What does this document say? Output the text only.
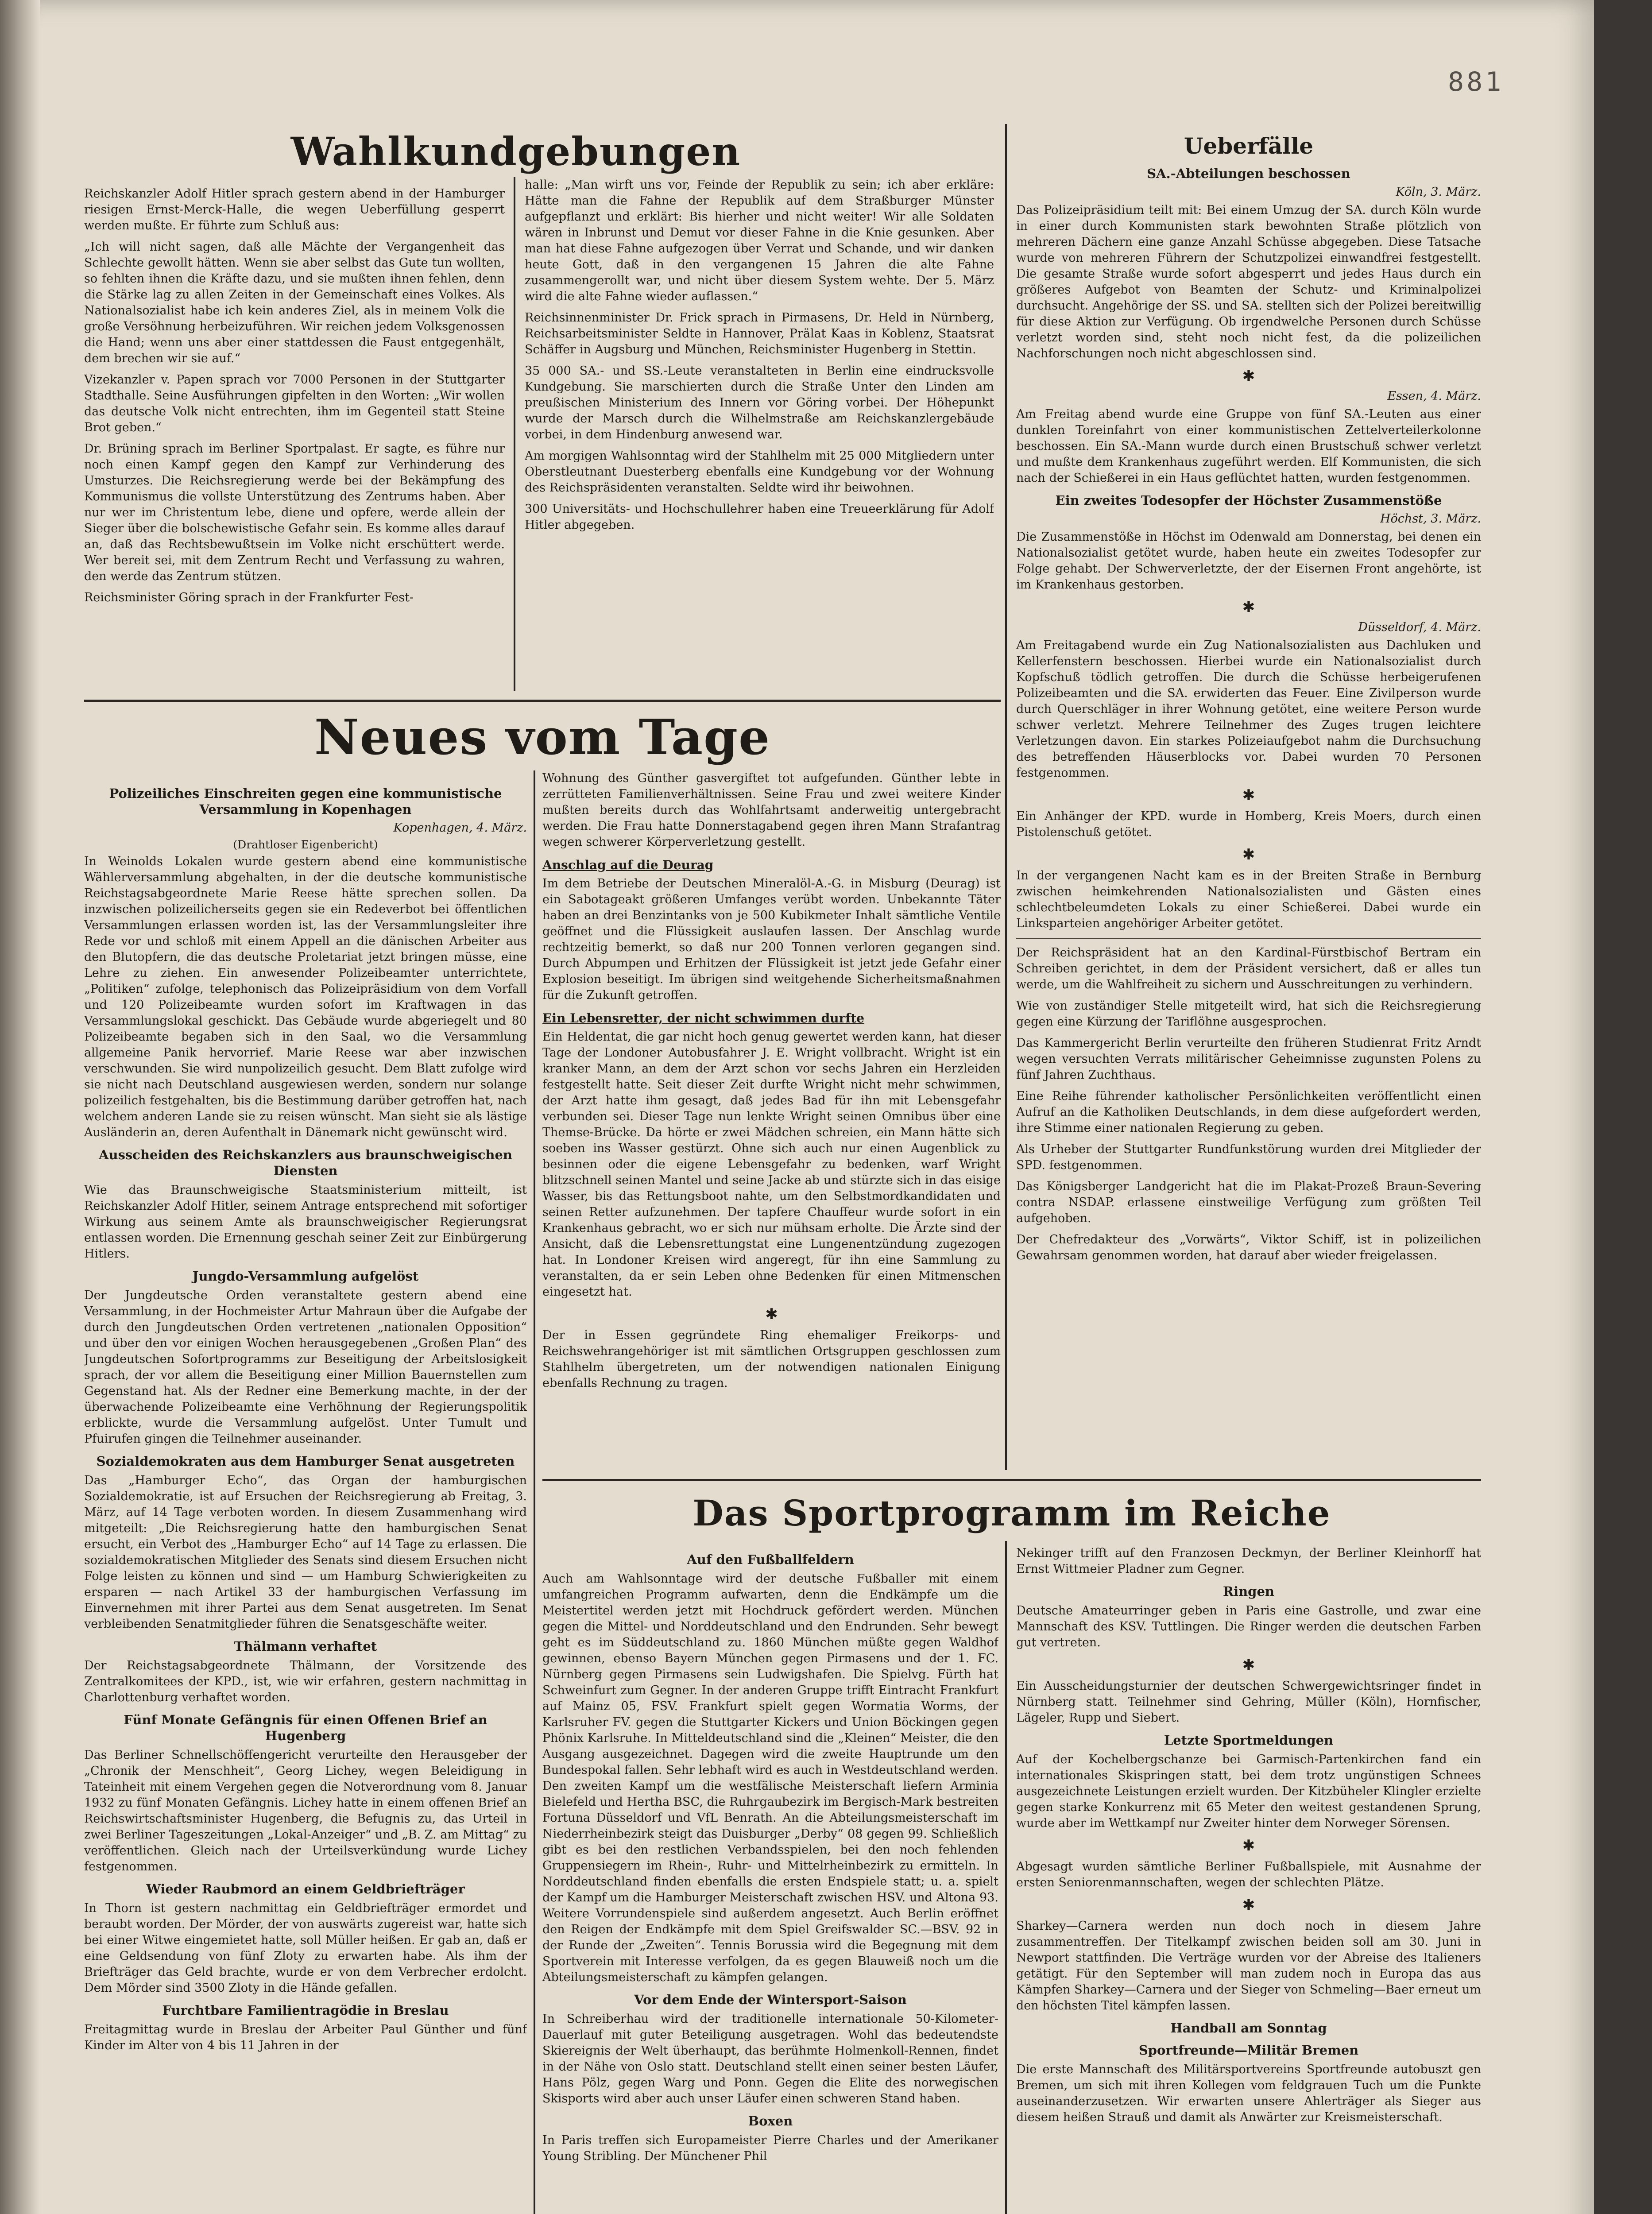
881
Wahlkundgebungen

Reichskanzler Adolf Hitler sprach gestern abend in der Hamburger riesigen Ernst-Merck-Halle, die wegen Ueberfüllung gesperrt werden mußte. Er führte zum Schluß aus:

„Ich will nicht sagen, daß alle Mächte der Vergangenheit das Schlechte gewollt hätten. Wenn sie aber selbst das Gute tun wollten, so fehlten ihnen die Kräfte dazu, und sie mußten ihnen fehlen, denn die Stärke lag zu allen Zeiten in der Gemeinschaft eines Volkes. Als Nationalsozialist habe ich kein anderes Ziel, als in meinem Volk die große Versöhnung herbeizuführen. Wir reichen jedem Volksgenossen die Hand; wenn uns aber einer stattdessen die Faust entgegenhält, dem brechen wir sie auf.“

Vizekanzler v. Papen sprach vor 7000 Personen in der Stuttgarter Stadthalle. Seine Ausführungen gipfelten in den Worten: „Wir wollen das deutsche Volk nicht entrechten, ihm im Gegenteil statt Steine Brot geben.“

Dr. Brüning sprach im Berliner Sportpalast. Er sagte, es führe nur noch einen Kampf gegen den Kampf zur Verhinderung des Umsturzes. Die Reichsregierung werde bei der Bekämpfung des Kommunismus die vollste Unterstützung des Zentrums haben. Aber nur wer im Christentum lebe, diene und opfere, werde allein der Sieger über die bolschewistische Gefahr sein. Es komme alles darauf an, daß das Rechtsbewußtsein im Volke nicht erschüttert werde. Wer bereit sei, mit dem Zentrum Recht und Verfassung zu wahren, den werde das Zentrum stützen.

Reichsminister Göring sprach in der Frankfurter Fest-

halle: „Man wirft uns vor, Feinde der Republik zu sein; ich aber erkläre: Hätte man die Fahne der Republik auf dem Straßburger Münster aufgepflanzt und erklärt: Bis hierher und nicht weiter! Wir alle Soldaten wären in Inbrunst und Demut vor dieser Fahne in die Knie gesunken. Aber man hat diese Fahne aufgezogen über Verrat und Schande, und wir danken heute Gott, daß in den vergangenen 15 Jahren die alte Fahne zusammengerollt war, und nicht über diesem System wehte. Der 5. März wird die alte Fahne wieder auflassen.“

Reichsinnenminister Dr. Frick sprach in Pirmasens, Dr. Held in Nürnberg, Reichsarbeitsminister Seldte in Hannover, Prälat Kaas in Koblenz, Staatsrat Schäffer in Augsburg und München, Reichsminister Hugenberg in Stettin.

35 000 SA.- und SS.-Leute veranstalteten in Berlin eine eindrucksvolle Kundgebung. Sie marschierten durch die Straße Unter den Linden am preußischen Ministerium des Innern vor Göring vorbei. Der Höhepunkt wurde der Marsch durch die Wilhelmstraße am Reichskanzlergebäude vorbei, in dem Hindenburg anwesend war.

Am morgigen Wahlsonntag wird der Stahlhelm mit 25 000 Mitgliedern unter Oberstleutnant Duesterberg ebenfalls eine Kundgebung vor der Wohnung des Reichspräsidenten veranstalten. Seldte wird ihr beiwohnen.

300 Universitäts- und Hochschullehrer haben eine Treueerklärung für Adolf Hitler abgegeben.

Ueberfälle
SA.-Abteilungen beschossen
Köln, 3. März.

Das Polizeipräsidium teilt mit: Bei einem Umzug der SA. durch Köln wurde in einer durch Kommunisten stark bewohnten Straße plötzlich von mehreren Dächern eine ganze Anzahl Schüsse abgegeben. Diese Tatsache wurde von mehreren Führern der Schutzpolizei einwandfrei festgestellt. Die gesamte Straße wurde sofort abgesperrt und jedes Haus durch ein größeres Aufgebot von Beamten der Schutz- und Kriminalpolizei durchsucht. Angehörige der SS. und SA. stellten sich der Polizei bereitwillig für diese Aktion zur Verfügung. Ob irgendwelche Personen durch Schüsse verletzt worden sind, steht noch nicht fest, da die polizeilichen Nachforschungen noch nicht abgeschlossen sind.

✱
Essen, 4. März.

Am Freitag abend wurde eine Gruppe von fünf SA.-Leuten aus einer dunklen Toreinfahrt von einer kommunistischen Zettelverteilerkolonne beschossen. Ein SA.-Mann wurde durch einen Brustschuß schwer verletzt und mußte dem Krankenhaus zugeführt werden. Elf Kommunisten, die sich nach der Schießerei in ein Haus geflüchtet hatten, wurden festgenommen.

Ein zweites Todesopfer der Höchster Zusammenstöße
Höchst, 3. März.

Die Zusammenstöße in Höchst im Odenwald am Donnerstag, bei denen ein Nationalsozialist getötet wurde, haben heute ein zweites Todesopfer zur Folge gehabt. Der Schwerverletzte, der der Eisernen Front angehörte, ist im Krankenhaus gestorben.

✱
Düsseldorf, 4. März.

Am Freitagabend wurde ein Zug Nationalsozialisten aus Dachluken und Kellerfenstern beschossen. Hierbei wurde ein Nationalsozialist durch Kopfschuß tödlich getroffen. Die durch die Schüsse herbeigerufenen Polizeibeamten und die SA. erwiderten das Feuer. Eine Zivilperson wurde durch Querschläger in ihrer Wohnung getötet, eine weitere Person wurde schwer verletzt. Mehrere Teilnehmer des Zuges trugen leichtere Verletzungen davon. Ein starkes Polizeiaufgebot nahm die Durchsuchung des betreffenden Häuserblocks vor. Dabei wurden 70 Personen festgenommen.

✱

Ein Anhänger der KPD. wurde in Homberg, Kreis Moers, durch einen Pistolenschuß getötet.

✱

In der vergangenen Nacht kam es in der Breiten Straße in Bernburg zwischen heimkehrenden Nationalsozialisten und Gästen eines schlechtbeleumdeten Lokals zu einer Schießerei. Dabei wurde ein Linksparteien angehöriger Arbeiter getötet.

Der Reichspräsident hat an den Kardinal-Fürstbischof Bertram ein Schreiben gerichtet, in dem der Präsident versichert, daß er alles tun werde, um die Wahlfreiheit zu sichern und Ausschreitungen zu verhindern.

Wie von zuständiger Stelle mitgeteilt wird, hat sich die Reichsregierung gegen eine Kürzung der Tariflöhne ausgesprochen.

Das Kammergericht Berlin verurteilte den früheren Studienrat Fritz Arndt wegen versuchten Verrats militärischer Geheimnisse zugunsten Polens zu fünf Jahren Zuchthaus.

Eine Reihe führender katholischer Persönlichkeiten veröffentlicht einen Aufruf an die Katholiken Deutschlands, in dem diese aufgefordert werden, ihre Stimme einer nationalen Regierung zu geben.

Als Urheber der Stuttgarter Rundfunkstörung wurden drei Mitglieder der SPD. festgenommen.

Das Königsberger Landgericht hat die im Plakat-Prozeß Braun-Severing contra NSDAP. erlassene einstweilige Verfügung zum größten Teil aufgehoben.

Der Chefredakteur des „Vorwärts“, Viktor Schiff, ist in polizeilichen Gewahrsam genommen worden, hat darauf aber wieder freigelassen.

Neues vom Tage
Polizeiliches Einschreiten gegen eine kommunistische Versammlung in Kopenhagen
Kopenhagen, 4. März.
(Drahtloser Eigenbericht)

In Weinolds Lokalen wurde gestern abend eine kommunistische Wählerversammlung abgehalten, in der die deutsche kommunistische Reichstagsabgeordnete Marie Reese hätte sprechen sollen. Da inzwischen polizeilicherseits gegen sie ein Redeverbot bei öffentlichen Versammlungen erlassen worden ist, las der Versammlungsleiter ihre Rede vor und schloß mit einem Appell an die dänischen Arbeiter aus den Blutopfern, die das deutsche Proletariat jetzt bringen müsse, eine Lehre zu ziehen. Ein anwesender Polizeibeamter unterrichtete, „Politiken“ zufolge, telephonisch das Polizeipräsidium von dem Vorfall und 120 Polizeibeamte wurden sofort im Kraftwagen in das Versammlungslokal geschickt. Das Gebäude wurde abgeriegelt und 80 Polizeibeamte begaben sich in den Saal, wo die Versammlung allgemeine Panik hervorrief. Marie Reese war aber inzwischen verschwunden. Sie wird nunpolizeilich gesucht. Dem Blatt zufolge wird sie nicht nach Deutschland ausgewiesen werden, sondern nur solange polizeilich festgehalten, bis die Bestimmung darüber getroffen hat, nach welchem anderen Lande sie zu reisen wünscht. Man sieht sie als lästige Ausländerin an, deren Aufenthalt in Dänemark nicht gewünscht wird.

Ausscheiden des Reichskanzlers aus braunschweigischen Diensten

Wie das Braunschweigische Staatsministerium mitteilt, ist Reichskanzler Adolf Hitler, seinem Antrage entsprechend mit sofortiger Wirkung aus seinem Amte als braunschweigischer Regierungsrat entlassen worden. Die Ernennung geschah seiner Zeit zur Einbürgerung Hitlers.

Jungdo-Versammlung aufgelöst

Der Jungdeutsche Orden veranstaltete gestern abend eine Versammlung, in der Hochmeister Artur Mahraun über die Aufgabe der durch den Jungdeutschen Orden vertretenen „nationalen Opposition“ und über den vor einigen Wochen herausgegebenen „Großen Plan“ des Jungdeutschen Sofortprogramms zur Beseitigung der Arbeitslosigkeit sprach, der vor allem die Beseitigung einer Million Bauernstellen zum Gegenstand hat. Als der Redner eine Bemerkung machte, in der der überwachende Polizeibeamte eine Verhöhnung der Regierungspolitik erblickte, wurde die Versammlung aufgelöst. Unter Tumult und Pfuirufen gingen die Teilnehmer auseinander.

Sozialdemokraten aus dem Hamburger Senat ausgetreten

Das „Hamburger Echo“, das Organ der hamburgischen Sozialdemokratie, ist auf Ersuchen der Reichsregierung ab Freitag, 3. März, auf 14 Tage verboten worden. In diesem Zusammenhang wird mitgeteilt: „Die Reichsregierung hatte den hamburgischen Senat ersucht, ein Verbot des „Hamburger Echo“ auf 14 Tage zu erlassen. Die sozialdemokratischen Mitglieder des Senats sind diesem Ersuchen nicht Folge leisten zu können und sind — um Hamburg Schwierigkeiten zu ersparen — nach Artikel 33 der hamburgischen Verfassung im Einvernehmen mit ihrer Partei aus dem Senat ausgetreten. Im Senat verbleibenden Senatmitglieder führen die Senatsgeschäfte weiter.

Thälmann verhaftet

Der Reichstagsabgeordnete Thälmann, der Vorsitzende des Zentralkomitees der KPD., ist, wie wir erfahren, gestern nachmittag in Charlottenburg verhaftet worden.

Fünf Monate Gefängnis für einen Offenen Brief an Hugenberg

Das Berliner Schnellschöffengericht verurteilte den Herausgeber der „Chronik der Menschheit“, Georg Lichey, wegen Beleidigung in Tateinheit mit einem Vergehen gegen die Notverordnung vom 8. Januar 1932 zu fünf Monaten Gefängnis. Lichey hatte in einem offenen Brief an Reichswirtschaftsminister Hugenberg, die Befugnis zu, das Urteil in zwei Berliner Tageszeitungen „Lokal-Anzeiger“ und „B. Z. am Mittag“ zu veröffentlichen. Gleich nach der Urteilsverkündung wurde Lichey festgenommen.

Wieder Raubmord an einem Geldbriefträger

In Thorn ist gestern nachmittag ein Geldbriefträger ermordet und beraubt worden. Der Mörder, der von auswärts zugereist war, hatte sich bei einer Witwe eingemietet hatte, soll Müller heißen. Er gab an, daß er eine Geldsendung von fünf Zloty zu erwarten habe. Als ihm der Briefträger das Geld brachte, wurde er von dem Verbrecher erdolcht. Dem Mörder sind 3500 Zloty in die Hände gefallen.

Furchtbare Familientragödie in Breslau

Freitagmittag wurde in Breslau der Arbeiter Paul Günther und fünf Kinder im Alter von 4 bis 11 Jahren in der

Wohnung des Günther gasvergiftet tot aufgefunden. Günther lebte in zerrütteten Familienverhältnissen. Seine Frau und zwei weitere Kinder mußten bereits durch das Wohlfahrtsamt anderweitig untergebracht werden. Die Frau hatte Donnerstagabend gegen ihren Mann Strafantrag wegen schwerer Körperverletzung gestellt.

Anschlag auf die Deurag

Im dem Betriebe der Deutschen Mineralöl-A.-G. in Misburg (Deurag) ist ein Sabotageakt größeren Umfanges verübt worden. Unbekannte Täter haben an drei Benzintanks von je 500 Kubikmeter Inhalt sämtliche Ventile geöffnet und die Flüssigkeit auslaufen lassen. Der Anschlag wurde rechtzeitig bemerkt, so daß nur 200 Tonnen verloren gegangen sind. Durch Abpumpen und Erhitzen der Flüssigkeit ist jetzt jede Gefahr einer Explosion beseitigt. Im übrigen sind weitgehende Sicherheitsmaßnahmen für die Zukunft getroffen.

Ein Lebensretter, der nicht schwimmen durfte

Ein Heldentat, die gar nicht hoch genug gewertet werden kann, hat dieser Tage der Londoner Autobusfahrer J. E. Wright vollbracht. Wright ist ein kranker Mann, an dem der Arzt schon vor sechs Jahren ein Herzleiden festgestellt hatte. Seit dieser Zeit durfte Wright nicht mehr schwimmen, der Arzt hatte ihm gesagt, daß jedes Bad für ihn mit Lebensgefahr verbunden sei. Dieser Tage nun lenkte Wright seinen Omnibus über eine Themse-Brücke. Da hörte er zwei Mädchen schreien, ein Mann hätte sich soeben ins Wasser gestürzt. Ohne sich auch nur einen Augenblick zu besinnen oder die eigene Lebensgefahr zu bedenken, warf Wright blitzschnell seinen Mantel und seine Jacke ab und stürzte sich in das eisige Wasser, bis das Rettungsboot nahte, um den Selbstmordkandidaten und seinen Retter aufzunehmen. Der tapfere Chauffeur wurde sofort in ein Krankenhaus gebracht, wo er sich nur mühsam erholte. Die Ärzte sind der Ansicht, daß die Lebensrettungstat eine Lungenentzündung zugezogen hat. In Londoner Kreisen wird angeregt, für ihn eine Sammlung zu veranstalten, da er sein Leben ohne Bedenken für einen Mitmenschen eingesetzt hat.

✱

Der in Essen gegründete Ring ehemaliger Freikorps- und Reichswehrangehöriger ist mit sämtlichen Ortsgruppen geschlossen zum Stahlhelm übergetreten, um der notwendigen nationalen Einigung ebenfalls Rechnung zu tragen.

Das Sportprogramm im Reiche
Auf den Fußballfeldern

Auch am Wahlsonntage wird der deutsche Fußballer mit einem umfangreichen Programm aufwarten, denn die Endkämpfe um die Meistertitel werden jetzt mit Hochdruck gefördert werden. München gegen die Mittel- und Norddeutschland und den Endrunden. Sehr bewegt geht es im Süddeutschland zu. 1860 München müßte gegen Waldhof gewinnen, ebenso Bayern München gegen Pirmasens und der 1. FC. Nürnberg gegen Pirmasens sein Ludwigshafen. Die Spielvg. Fürth hat Schweinfurt zum Gegner. In der anderen Gruppe trifft Eintracht Frankfurt auf Mainz 05, FSV. Frankfurt spielt gegen Wormatia Worms, der Karlsruher FV. gegen die Stuttgarter Kickers und Union Böckingen gegen Phönix Karlsruhe. In Mitteldeutschland sind die „Kleinen“ Meister, die den Ausgang ausgezeichnet. Dagegen wird die zweite Hauptrunde um den Bundespokal fallen. Sehr lebhaft wird es auch in Westdeutschland werden. Den zweiten Kampf um die westfälische Meisterschaft liefern Arminia Bielefeld und Hertha BSC, die Ruhrgaubezirk im Bergisch-Mark bestreiten Fortuna Düsseldorf und VfL Benrath. An die Abteilungsmeisterschaft im Niederrheinbezirk steigt das Duisburger „Derby“ 08 gegen 99. Schließlich gibt es bei den restlichen Verbandsspielen, bei den noch fehlenden Gruppensiegern im Rhein-, Ruhr- und Mittelrheinbezirk zu ermitteln. In Norddeutschland finden ebenfalls die ersten Endspiele statt; u. a. spielt der Kampf um die Hamburger Meisterschaft zwischen HSV. und Altona 93. Weitere Vorrundenspiele sind außerdem angesetzt. Auch Berlin eröffnet den Reigen der Endkämpfe mit dem Spiel Greifswalder SC.—BSV. 92 in der Runde der „Zweiten“. Tennis Borussia wird die Begegnung mit dem Sportverein mit Interesse verfolgen, da es gegen Blauweiß noch um die Abteilungsmeisterschaft zu kämpfen gelangen.

Vor dem Ende der Wintersport-Saison

In Schreiberhau wird der traditionelle internationale 50-Kilometer-Dauerlauf mit guter Beteiligung ausgetragen. Wohl das bedeutendste Skiereignis der Welt überhaupt, das berühmte Holmenkoll-Rennen, findet in der Nähe von Oslo statt. Deutschland stellt einen seiner besten Läufer, Hans Pölz, gegen Warg und Ponn. Gegen die Elite des norwegischen Skisports wird aber auch unser Läufer einen schweren Stand haben.

Boxen

In Paris treffen sich Europameister Pierre Charles und der Amerikaner Young Stribling. Der Münchener Phil

Nekinger trifft auf den Franzosen Deckmyn, der Berliner Kleinhorff hat Ernst Wittmeier Pladner zum Gegner.

Ringen

Deutsche Amateurringer geben in Paris eine Gastrolle, und zwar eine Mannschaft des KSV. Tuttlingen. Die Ringer werden die deutschen Farben gut vertreten.

✱

Ein Ausscheidungsturnier der deutschen Schwergewichtsringer findet in Nürnberg statt. Teilnehmer sind Gehring, Müller (Köln), Hornfischer, Lägeler, Rupp und Siebert.

Letzte Sportmeldungen

Auf der Kochelbergschanze bei Garmisch-Partenkirchen fand ein internationales Skispringen statt, bei dem trotz ungünstigen Schnees ausgezeichnete Leistungen erzielt wurden. Der Kitzbüheler Klingler erzielte gegen starke Konkurrenz mit 65 Meter den weitest gestandenen Sprung, wurde aber im Wettkampf nur Zweiter hinter dem Norweger Sörensen.

✱

Abgesagt wurden sämtliche Berliner Fußballspiele, mit Ausnahme der ersten Seniorenmannschaften, wegen der schlechten Plätze.

✱

Sharkey—Carnera werden nun doch noch in diesem Jahre zusammentreffen. Der Titelkampf zwischen beiden soll am 30. Juni in Newport stattfinden. Die Verträge wurden vor der Abreise des Italieners getätigt. Für den September will man zudem noch in Europa das aus Kämpfen Sharkey—Carnera und der Sieger von Schmeling—Baer erneut um den höchsten Titel kämpfen lassen.

Handball am Sonntag
Sportfreunde—Militär Bremen

Die erste Mannschaft des Militärsportvereins Sportfreunde autobuszt gen Bremen, um sich mit ihren Kollegen vom feldgrauen Tuch um die Punkte auseinanderzusetzen. Wir erwarten unsere Ahlerträger als Sieger aus diesem heißen Strauß und damit als Anwärter zur Kreismeisterschaft.
